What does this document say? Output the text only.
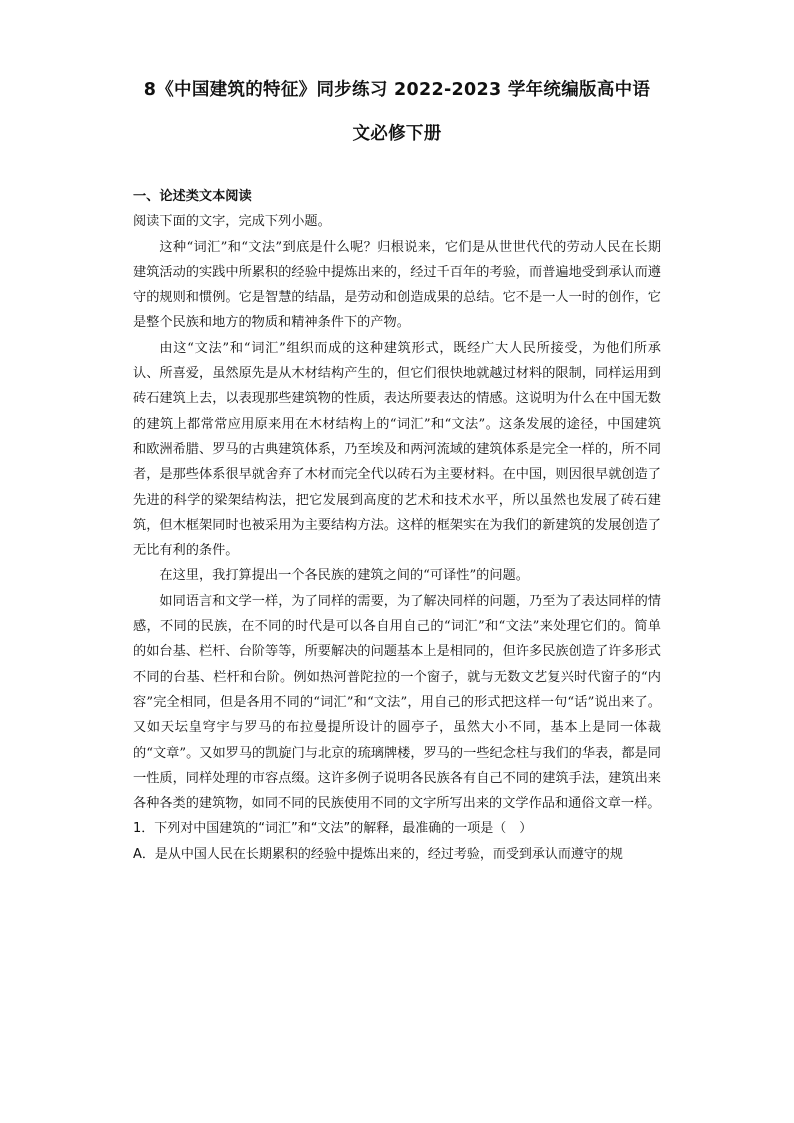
8《中国建筑的特征》同步练习 2022-2023 学年统编版高中语
文必修下册

一、论述类文本阅读

阅读下面的文字，完成下列小题。

这种“词汇”和“文法”到底是什么呢？归根说来，它们是从世世代代的劳动人民在长期建筑活动的实践中所累积的经验中提炼出来的，经过千百年的考验，而普遍地受到承认而遵守的规则和惯例。它是智慧的结晶，是劳动和创造成果的总结。它不是一人一时的创作，它是整个民族和地方的物质和精神条件下的产物。

由这“文法”和“词汇”组织而成的这种建筑形式，既经广大人民所接受，为他们所承认、所喜爱，虽然原先是从木材结构产生的，但它们很快地就越过材料的限制，同样运用到砖石建筑上去，以表现那些建筑物的性质，表达所要表达的情感。这说明为什么在中国无数的建筑上都常常应用原来用在木材结构上的“词汇”和“文法”。这条发展的途径，中国建筑和欧洲希腊、罗马的古典建筑体系，乃至埃及和两河流域的建筑体系是完全一样的，所不同者，是那些体系很早就舍弃了木材而完全代以砖石为主要材料。在中国，则因很早就创造了先进的科学的梁架结构法，把它发展到高度的艺术和技术水平，所以虽然也发展了砖石建筑，但木框架同时也被采用为主要结构方法。这样的框架实在为我们的新建筑的发展创造了无比有利的条件。

在这里，我打算提出一个各民族的建筑之间的“可译性”的问题。

如同语言和文学一样，为了同样的需要，为了解决同样的问题，乃至为了表达同样的情感，不同的民族，在不同的时代是可以各自用自己的“词汇”和“文法”来处理它们的。简单的如台基、栏杆、台阶等等，所要解决的问题基本上是相同的，但许多民族创造了许多形式不同的台基、栏杆和台阶。例如热河普陀拉的一个窗子，就与无数文艺复兴时代窗子的“内容”完全相同，但是各用不同的“词汇”和“文法”，用自己的形式把这样一句“话”说出来了。又如天坛皇穹宇与罗马的布拉曼提所设计的圆亭子，虽然大小不同，基本上是同一体裁的“文章”。又如罗马的凯旋门与北京的琉璃牌楼，罗马的一些纪念柱与我们的华表，都是同一性质，同样处理的市容点缀。这许多例子说明各民族各有自己不同的建筑手法，建筑出来各种各类的建筑物，如同不同的民族使用不同的文字所写出来的文学作品和通俗文章一样。

1．下列对中国建筑的“词汇”和“文法”的解释，最准确的一项是（　）

A．是从中国人民在长期累积的经验中提炼出来的，经过考验，而受到承认而遵守的规
